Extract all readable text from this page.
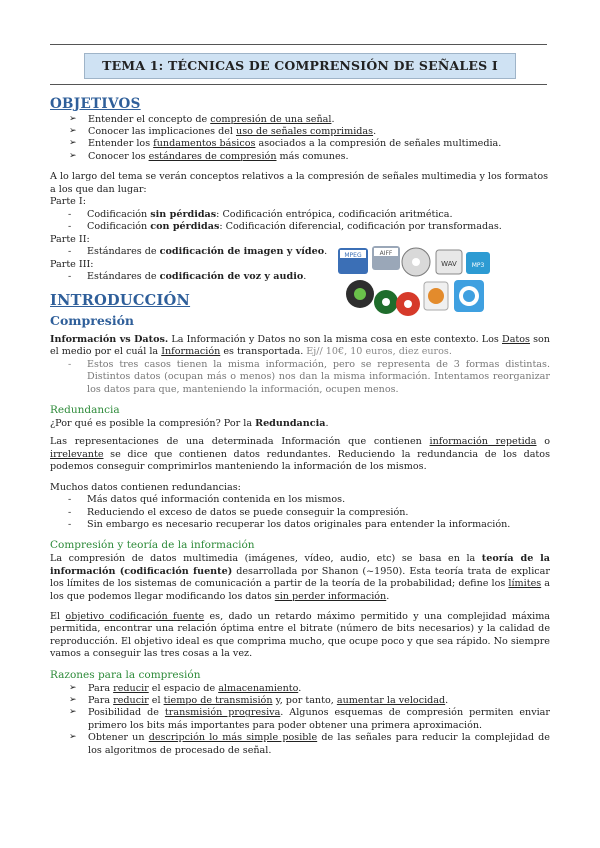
TEMA 1: TÉCNICAS DE COMPRENSIÓN DE SEÑALES I
MPEG	AIFF
WAV MP3
OBJETIVOS
➢ Entender el concepto de compresión de una señal.
➢ Conocer las implicaciones del uso de señales comprimidas.
➢ Entender los fundamentos básicos asociados a la compresión de señales multimedia.
➢ Conocer los estándares de compresión más comunes.

A lo largo del tema se verán conceptos relativos a la compresión de señales multimedia y los formatos a los que dan lugar:

Parte I:

- Codificación sin pérdidas: Codificación entrópica, codificación aritmética.
- Codificación con pérdidas: Codificación diferencial, codificación por transformadas.

Parte II:

- Estándares de codificación de imagen y vídeo.

Parte III:

- Estándares de codificación de voz y audio.
INTRODUCCIÓN
Compresión

Información vs Datos. La Información y Datos no son la misma cosa en este contexto. Los Datos son el medio por el cuál la Información es transportada. Ej// 10€, 10 euros, diez euros.

- Estos tres casos tienen la misma información, pero se representa de 3 formas distintas. Distintos datos (ocupan más o menos) nos dan la misma información. Intentamos reorganizar los datos para que, manteniendo la información, ocupen menos.
Redundancia

¿Por qué es posible la compresión? Por la Redundancia.

Las representaciones de una determinada Información que contienen información repetida o irrelevante se dice que contienen datos redundantes. Reduciendo la redundancia de los datos podemos conseguir comprimirlos manteniendo la información de los mismos.

Muchos datos contienen redundancias:

- Más datos qué información contenida en los mismos.
- Reduciendo el exceso de datos se puede conseguir la compresión.
- Sin embargo es necesario recuperar los datos originales para entender la información.
Compresión y teoría de la información

La compresión de datos multimedia (imágenes, vídeo, audio, etc) se basa en la teoría de la información (codificación fuente) desarrollada por Shanon (~1950). Esta teoría trata de explicar los límites de los sistemas de comunicación a partir de la teoría de la probabilidad; define los límites a los que podemos llegar modificando los datos sin perder información.

El objetivo codificación fuente es, dado un retardo máximo permitido y una complejidad máxima permitida, encontrar una relación óptima entre el bitrate (número de bits necesarios) y la calidad de reproducción. El objetivo ideal es que comprima mucho, que ocupe poco y que sea rápido. No siempre vamos a conseguir las tres cosas a la vez.

Razones para la compresión
➢ Para reducir el espacio de almacenamiento.
➢ Para reducir el tiempo de transmisión y, por tanto, aumentar la velocidad.
➢ Posibilidad de transmisión progresiva. Algunos esquemas de compresión permiten enviar primero los bits más importantes para poder obtener una primera aproximación.
➢ Obtener un descripción lo más simple posible de las señales para reducir la complejidad de los algoritmos de procesado de señal.
